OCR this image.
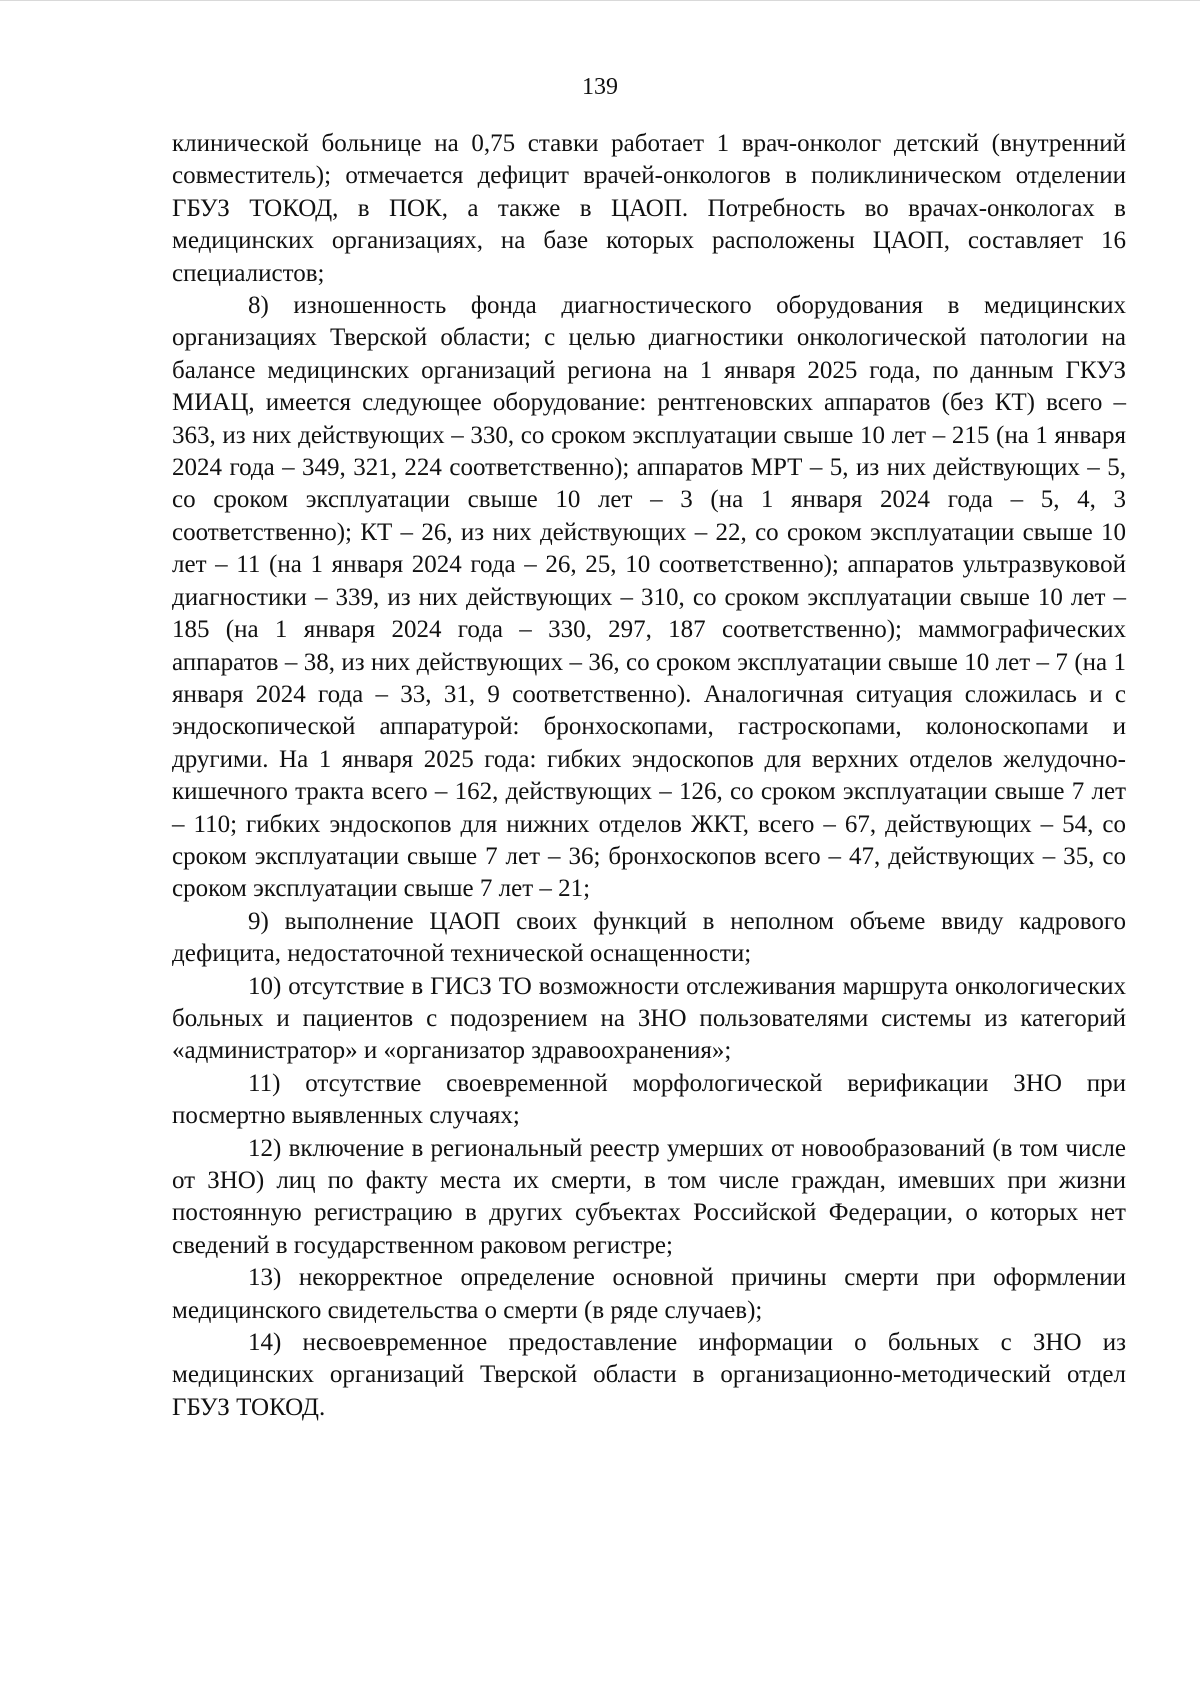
139

клинической больнице на 0,75 ставки работает 1 врач-онколог детский (внутренний совместитель); отмечается дефицит врачей-онкологов в поликлиническом отделении ГБУЗ ТОКОД, в ПОК, а также в ЦАОП. Потребность во врачах-онкологах в медицинских организациях, на базе которых расположены ЦАОП, составляет 16 специалистов;

8) изношенность фонда диагностического оборудования в медицинских организациях Тверской области; с целью диагностики онкологической патологии на балансе медицинских организаций региона на 1 января 2025 года, по данным ГКУЗ МИАЦ, имеется следующее оборудование: рентгеновских аппаратов (без КТ) всего – 363, из них действующих – 330, со сроком эксплуатации свыше 10 лет – 215 (на 1 января 2024 года – 349, 321, 224 соответственно); аппаратов МРТ – 5, из них действующих – 5, со сроком эксплуатации свыше 10 лет – 3 (на 1 января 2024 года – 5, 4, 3 соответственно); КТ – 26, из них действующих – 22, со сроком эксплуатации свыше 10 лет – 11 (на 1 января 2024 года – 26, 25, 10 соответственно); аппаратов ультразвуковой диагностики – 339, из них действующих – 310, со сроком эксплуатации свыше 10 лет – 185 (на 1 января 2024 года – 330, 297, 187 соответственно); маммографических аппаратов – 38, из них действующих – 36, со сроком эксплуатации свыше 10 лет – 7 (на 1 января 2024 года – 33, 31, 9 соответственно). Аналогичная ситуация сложилась и с эндоскопической аппаратурой: бронхоскопами, гастроскопами, колоноскопами и другими. На 1 января 2025 года: гибких эндоскопов для верхних отделов желудочно-кишечного тракта всего – 162, действующих – 126, со сроком эксплуатации свыше 7 лет – 110; гибких эндоскопов для нижних отделов ЖКТ, всего – 67, действующих – 54, со сроком эксплуатации свыше 7 лет – 36; бронхоскопов всего – 47, действующих – 35, со сроком эксплуатации свыше 7 лет – 21;

9) выполнение ЦАОП своих функций в неполном объеме ввиду кадрового дефицита, недостаточной технической оснащенности;

10) отсутствие в ГИСЗ ТО возможности отслеживания маршрута онкологических больных и пациентов с подозрением на ЗНО пользователями системы из категорий «администратор» и «организатор здравоохранения»;

11) отсутствие своевременной морфологической верификации ЗНО при посмертно выявленных случаях;

12) включение в региональный реестр умерших от новообразований (в том числе от ЗНО) лиц по факту места их смерти, в том числе граждан, имевших при жизни постоянную регистрацию в других субъектах Российской Федерации, о которых нет сведений в государственном раковом регистре;

13) некорректное определение основной причины смерти при оформлении медицинского свидетельства о смерти (в ряде случаев);

14) несвоевременное предоставление информации о больных с ЗНО из медицинских организаций Тверской области в организационно-методический отдел ГБУЗ ТОКОД.
